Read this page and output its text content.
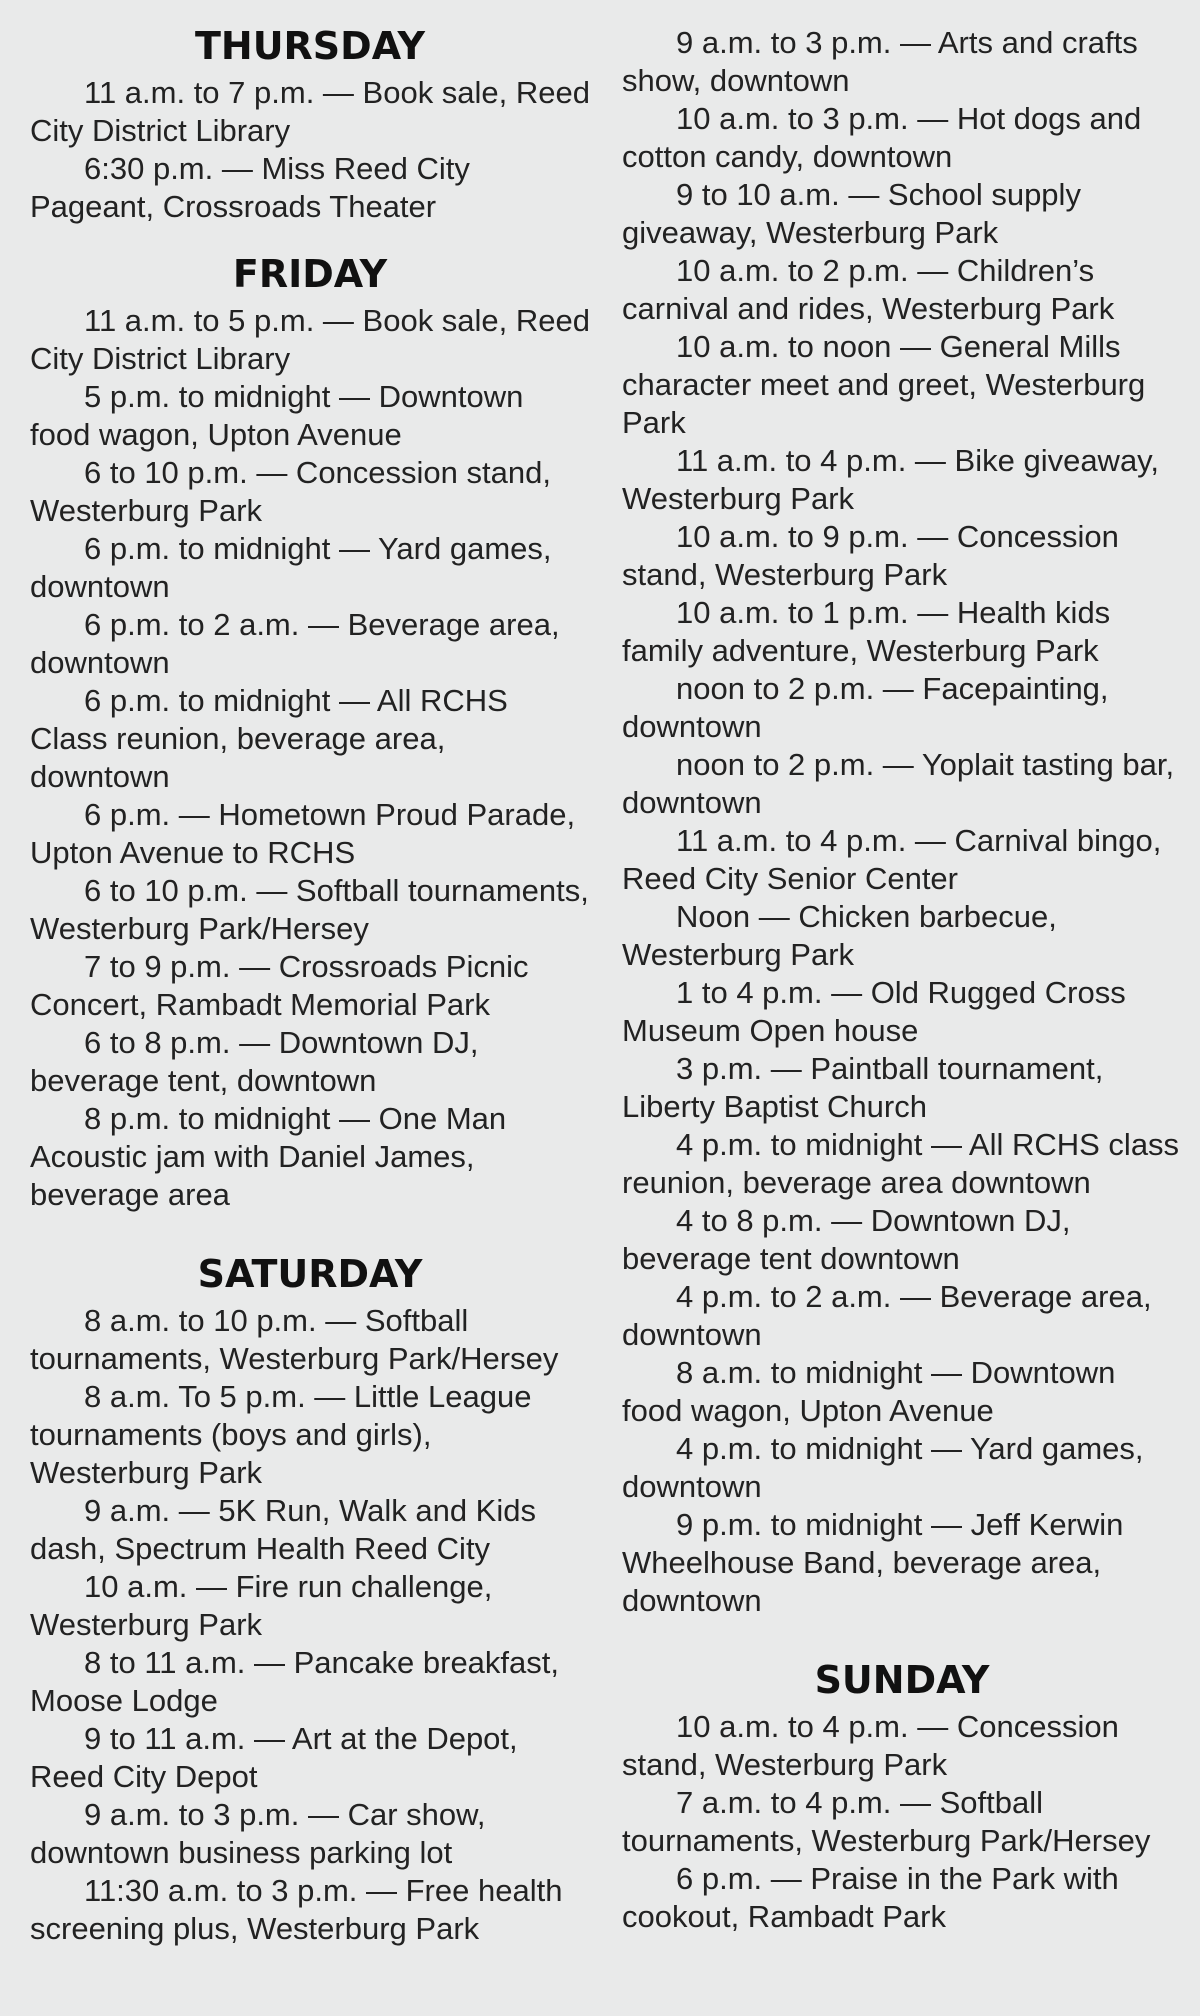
THURSDAY

11 a.m. to 7 p.m. — Book sale, Reed City District Library

6:30 p.m. — Miss Reed City Pageant, Crossroads Theater

FRIDAY

11 a.m. to 5 p.m. — Book sale, Reed City District Library

5 p.m. to midnight — Downtown food wagon, Upton Avenue

6 to 10 p.m. — Concession stand, Westerburg Park

6 p.m. to midnight — Yard games, downtown

6 p.m. to 2 a.m. — Beverage area, downtown

6 p.m. to midnight — All RCHS Class reunion, beverage area, downtown

6 p.m. — Hometown Proud Parade, Upton Avenue to RCHS

6 to 10 p.m. — Softball tournaments, Westerburg Park/Hersey

7 to 9 p.m. — Crossroads Picnic Concert, Rambadt Memorial Park

6 to 8 p.m. — Downtown DJ, beverage tent, downtown

8 p.m. to midnight — One Man Acoustic jam with Daniel James, beverage area

SATURDAY

8 a.m. to 10 p.m. — Softball tournaments, Westerburg Park/Hersey

8 a.m. To 5 p.m. — Little League tournaments (boys and girls), Westerburg Park

9 a.m. — 5K Run, Walk and Kids dash, Spectrum Health Reed City

10 a.m. — Fire run challenge, Westerburg Park

8 to 11 a.m. — Pancake breakfast, Moose Lodge

9 to 11 a.m. — Art at the Depot, Reed City Depot

9 a.m. to 3 p.m. — Car show, downtown business parking lot

11:30 a.m. to 3 p.m. — Free health screening plus, Westerburg Park

9 a.m. to 3 p.m. — Arts and crafts show, downtown

10 a.m. to 3 p.m. — Hot dogs and cotton candy, downtown

9 to 10 a.m. — School supply giveaway, Westerburg Park

10 a.m. to 2 p.m. — Children’s carnival and rides, Westerburg Park

10 a.m. to noon — General Mills character meet and greet, Westerburg Park

11 a.m. to 4 p.m. — Bike giveaway, Westerburg Park

10 a.m. to 9 p.m. — Concession stand, Westerburg Park

10 a.m. to 1 p.m. — Health kids family adventure, Westerburg Park

noon to 2 p.m. — Facepainting, downtown

noon to 2 p.m. — Yoplait tasting bar, downtown

11 a.m. to 4 p.m. — Carnival bingo, Reed City Senior Center

Noon — Chicken barbecue, Westerburg Park

1 to 4 p.m. — Old Rugged Cross Museum Open house

3 p.m. — Paintball tournament, Liberty Baptist Church

4 p.m. to midnight — All RCHS class reunion, beverage area downtown

4 to 8 p.m. — Downtown DJ, beverage tent downtown

4 p.m. to 2 a.m. — Beverage area, downtown

8 a.m. to midnight — Downtown food wagon, Upton Avenue

4 p.m. to midnight — Yard games, downtown

9 p.m. to midnight — Jeff Kerwin Wheelhouse Band, beverage area, downtown

SUNDAY

10 a.m. to 4 p.m. — Concession stand, Westerburg Park

7 a.m. to 4 p.m. — Softball tournaments, Westerburg Park/Hersey

6 p.m. — Praise in the Park with cookout, Rambadt Park
